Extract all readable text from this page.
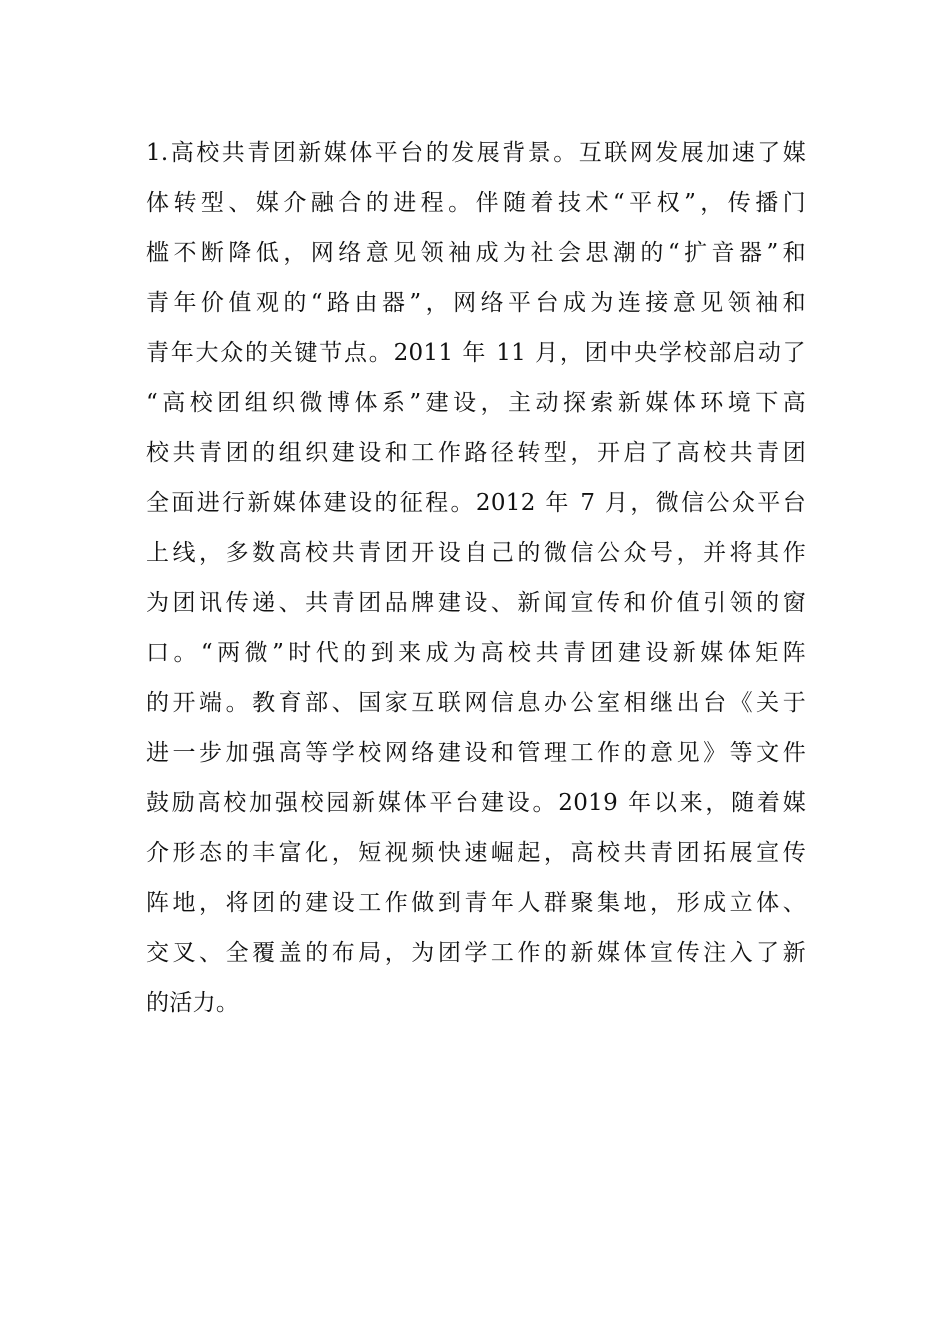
1.高校共青团新媒体平台的发展背景。互联网发展加速了媒
体转型、媒介融合的进程。伴随着技术“平权”，传播门
槛不断降低，网络意见领袖成为社会思潮的“扩音器”和
青年价值观的“路由器”，网络平台成为连接意见领袖和
青年大众的关键节点。2011 年 11 月，团中央学校部启动了
“高校团组织微博体系”建设，主动探索新媒体环境下高
校共青团的组织建设和工作路径转型，开启了高校共青团
全面进行新媒体建设的征程。2012 年 7 月，微信公众平台
上线，多数高校共青团开设自己的微信公众号，并将其作
为团讯传递、共青团品牌建设、新闻宣传和价值引领的窗
口。“两微”时代的到来成为高校共青团建设新媒体矩阵
的开端。教育部、国家互联网信息办公室相继出台《关于
进一步加强高等学校网络建设和管理工作的意见》等文件
鼓励高校加强校园新媒体平台建设。2019 年以来，随着媒
介形态的丰富化，短视频快速崛起，高校共青团拓展宣传
阵地，将团的建设工作做到青年人群聚集地，形成立体、
交叉、全覆盖的布局，为团学工作的新媒体宣传注入了新
的活力。
